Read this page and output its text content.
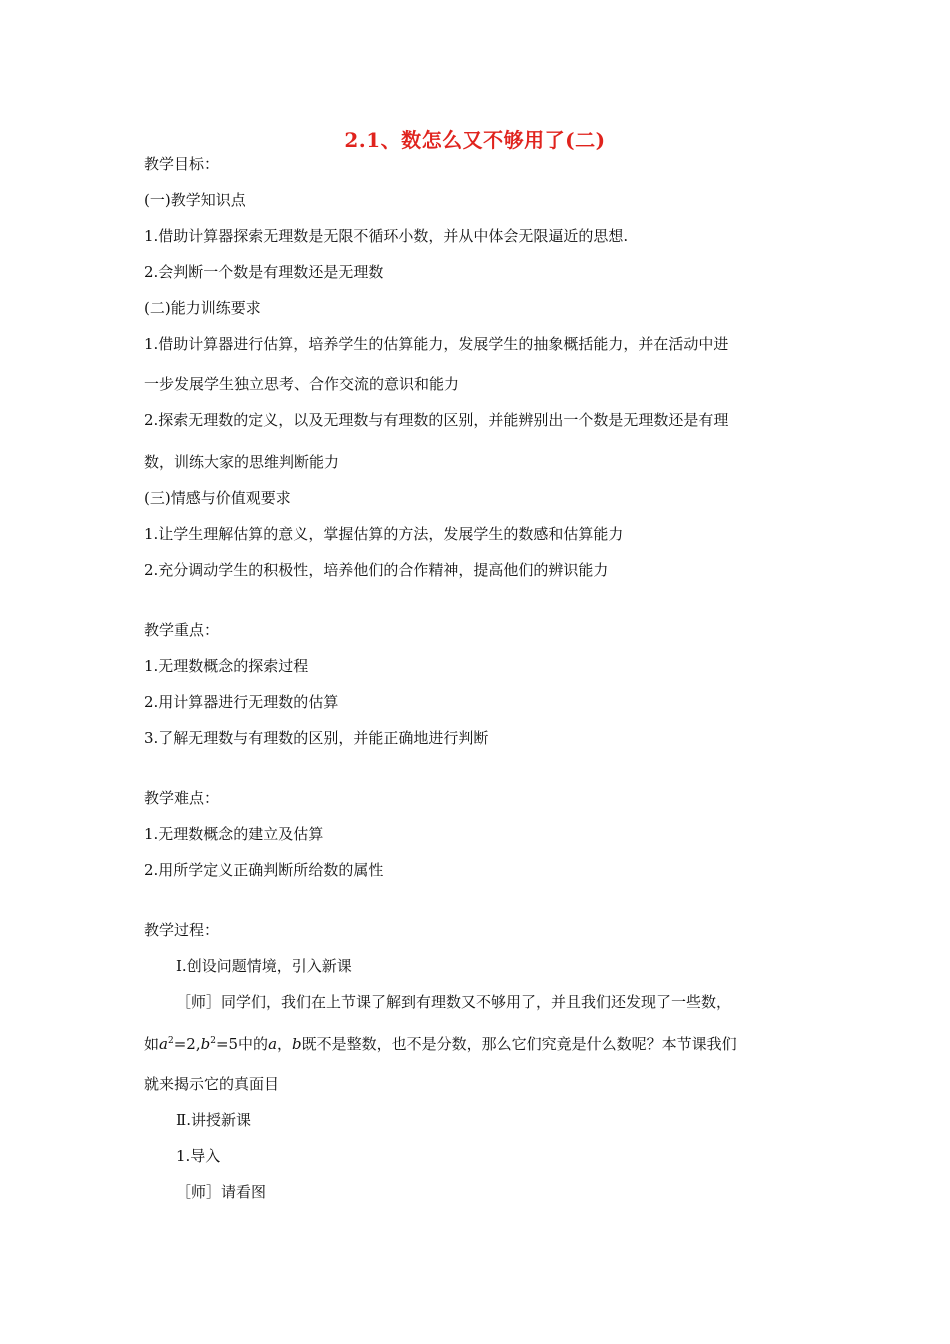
2.1、数怎么又不够用了(二)
教学目标：
(一)教学知识点
1.借助计算器探索无理数是无限不循环小数，并从中体会无限逼近的思想.
2.会判断一个数是有理数还是无理数
(二)能力训练要求
1.借助计算器进行估算，培养学生的估算能力，发展学生的抽象概括能力，并在活动中进
一步发展学生独立思考、合作交流的意识和能力
2.探索无理数的定义，以及无理数与有理数的区别，并能辨别出一个数是无理数还是有理
数，训练大家的思维判断能力
(三)情感与价值观要求
1.让学生理解估算的意义，掌握估算的方法，发展学生的数感和估算能力
2.充分调动学生的积极性，培养他们的合作精神，提高他们的辨识能力
教学重点：
1.无理数概念的探索过程
2.用计算器进行无理数的估算
3.了解无理数与有理数的区别，并能正确地进行判断
教学难点：
1.无理数概念的建立及估算
2.用所学定义正确判断所给数的属性
教学过程：
Ⅰ.创设问题情境，引入新课
［师］同学们，我们在上节课了解到有理数又不够用了，并且我们还发现了一些数，
如$a^2=2,b^2=5$中的a，b既不是整数，也不是分数，那么它们究竟是什么数呢？本节课我们
就来揭示它的真面目
Ⅱ.讲授新课
1.导入
［师］请看图
